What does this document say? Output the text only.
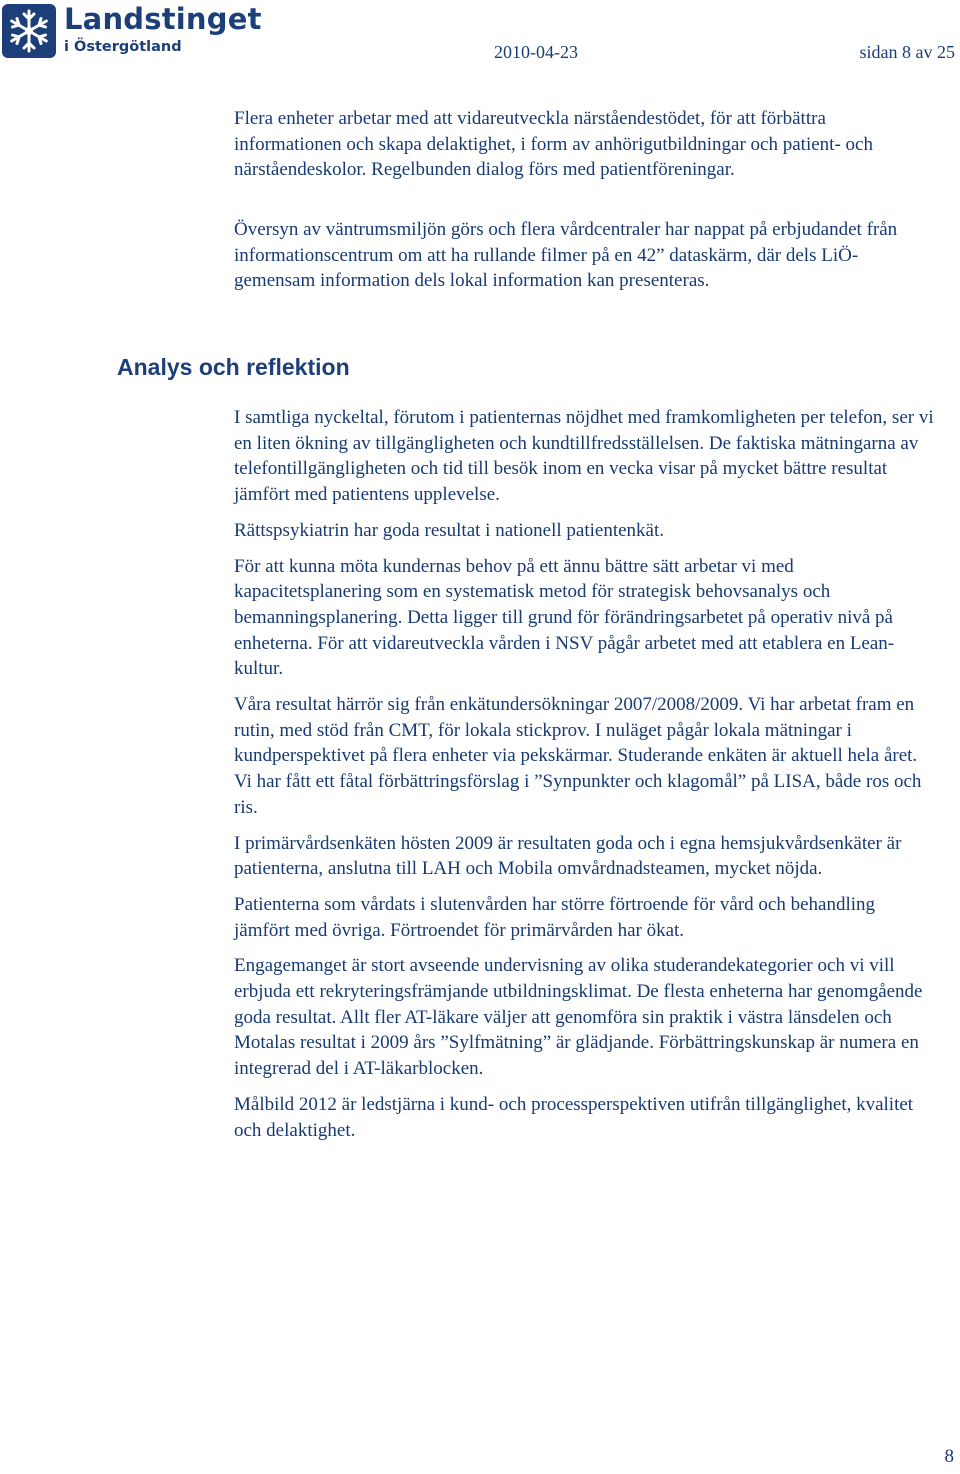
Landstinget
i Östergötland	2010-04-23	sidan 8 av 25
Flera enheter arbetar med att vidareutveckla närståendestödet, för att förbättra informationen och skapa delaktighet, i form av anhörigutbildningar och patient- och närståendeskolor. Regelbunden dialog förs med patientföreningar.
Översyn av väntrumsmiljön görs och flera vårdcentraler har nappat på erbjudandet från informationscentrum om att ha rullande filmer på en 42” dataskärm, där dels LiÖ-gemensam information dels lokal information kan presenteras.
Analys och reflektion

I samtliga nyckeltal, förutom i patienternas nöjdhet med framkomligheten per telefon, ser vi en liten ökning av tillgängligheten och kundtillfredsställelsen. De faktiska mätningarna av telefontillgängligheten och tid till besök inom en vecka visar på mycket bättre resultat jämfört med patientens upplevelse.

Rättspsykiatrin har goda resultat i nationell patientenkät.

För att kunna möta kundernas behov på ett ännu bättre sätt arbetar vi med kapacitetsplanering som en systematisk metod för strategisk behovsanalys och bemanningsplanering. Detta ligger till grund för förändringsarbetet på operativ nivå på enheterna. För att vidareutveckla vården i NSV pågår arbetet med att etablera en Lean-kultur.

Våra resultat härrör sig från enkätundersökningar 2007/2008/2009. Vi har arbetat fram en rutin, med stöd från CMT, för lokala stickprov. I nuläget pågår lokala mätningar i kundperspektivet på flera enheter via pekskärmar. Studerande enkäten är aktuell hela året. Vi har fått ett fåtal förbättringsförslag i ”Synpunkter och klagomål” på LISA, både ros och ris.

I primärvårdsenkäten hösten 2009 är resultaten goda och i egna hemsjukvårdsenkäter är patienterna, anslutna till LAH och Mobila omvårdnadsteamen, mycket nöjda.

Patienterna som vårdats i slutenvården har större förtroende för vård och behandling jämfört med övriga. Förtroendet för primärvården har ökat.

Engagemanget är stort avseende undervisning av olika studerandekategorier och vi vill erbjuda ett rekryteringsfrämjande utbildningsklimat. De flesta enheterna har genomgående goda resultat. Allt fler AT-läkare väljer att genomföra sin praktik i västra länsdelen och Motalas resultat i 2009 års ”Sylfmätning” är glädjande. Förbättringskunskap är numera en integrerad del i AT-läkarblocken.

Målbild 2012 är ledstjärna i kund- och processperspektiven utifrån tillgänglighet, kvalitet och delaktighet.

8
